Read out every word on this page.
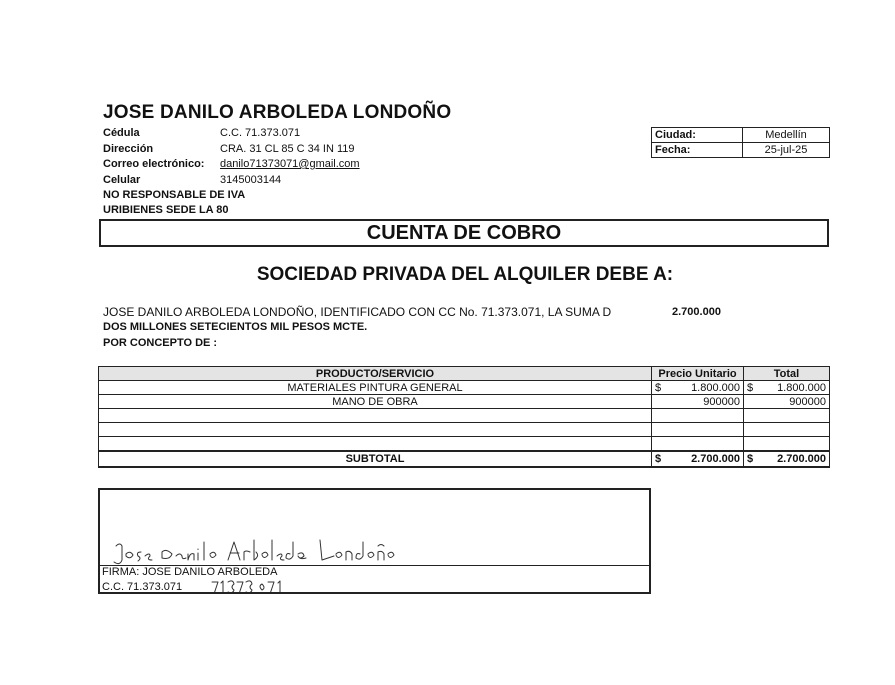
JOSE DANILO ARBOLEDA LONDOÑO
Cédula	C.C. 71.373.071
Dirección	CRA. 31 CL 85 C 34 IN 119
Correo electrónico: danilo71373071@gmail.com
Celular	3145003144
NO RESPONSABLE DE IVA
URIBIENES SEDE LA 80
Ciudad:	Medellín
Fecha:	25-jul-25
CUENTA DE COBRO
SOCIEDAD PRIVADA DEL ALQUILER DEBE A:
JOSE DANILO ARBOLEDA LONDOÑO, IDENTIFICADO CON CC No. 71.373.071, LA SUMA D	2.700.000
DOS MILLONES SETECIENTOS MIL PESOS MCTE.
POR CONCEPTO DE :
PRODUCTO/SERVICIO	Precio Unitario	Total
MATERIALES PINTURA GENERAL	$ 1.800.000	$ 1.800.000

MANO DE OBRA	900000	900000

SUBTOTAL	$ 2.700.000	$ 2.700.000
FIRMA: JOSE DANILO ARBOLEDA
C.C. 71.373.071
